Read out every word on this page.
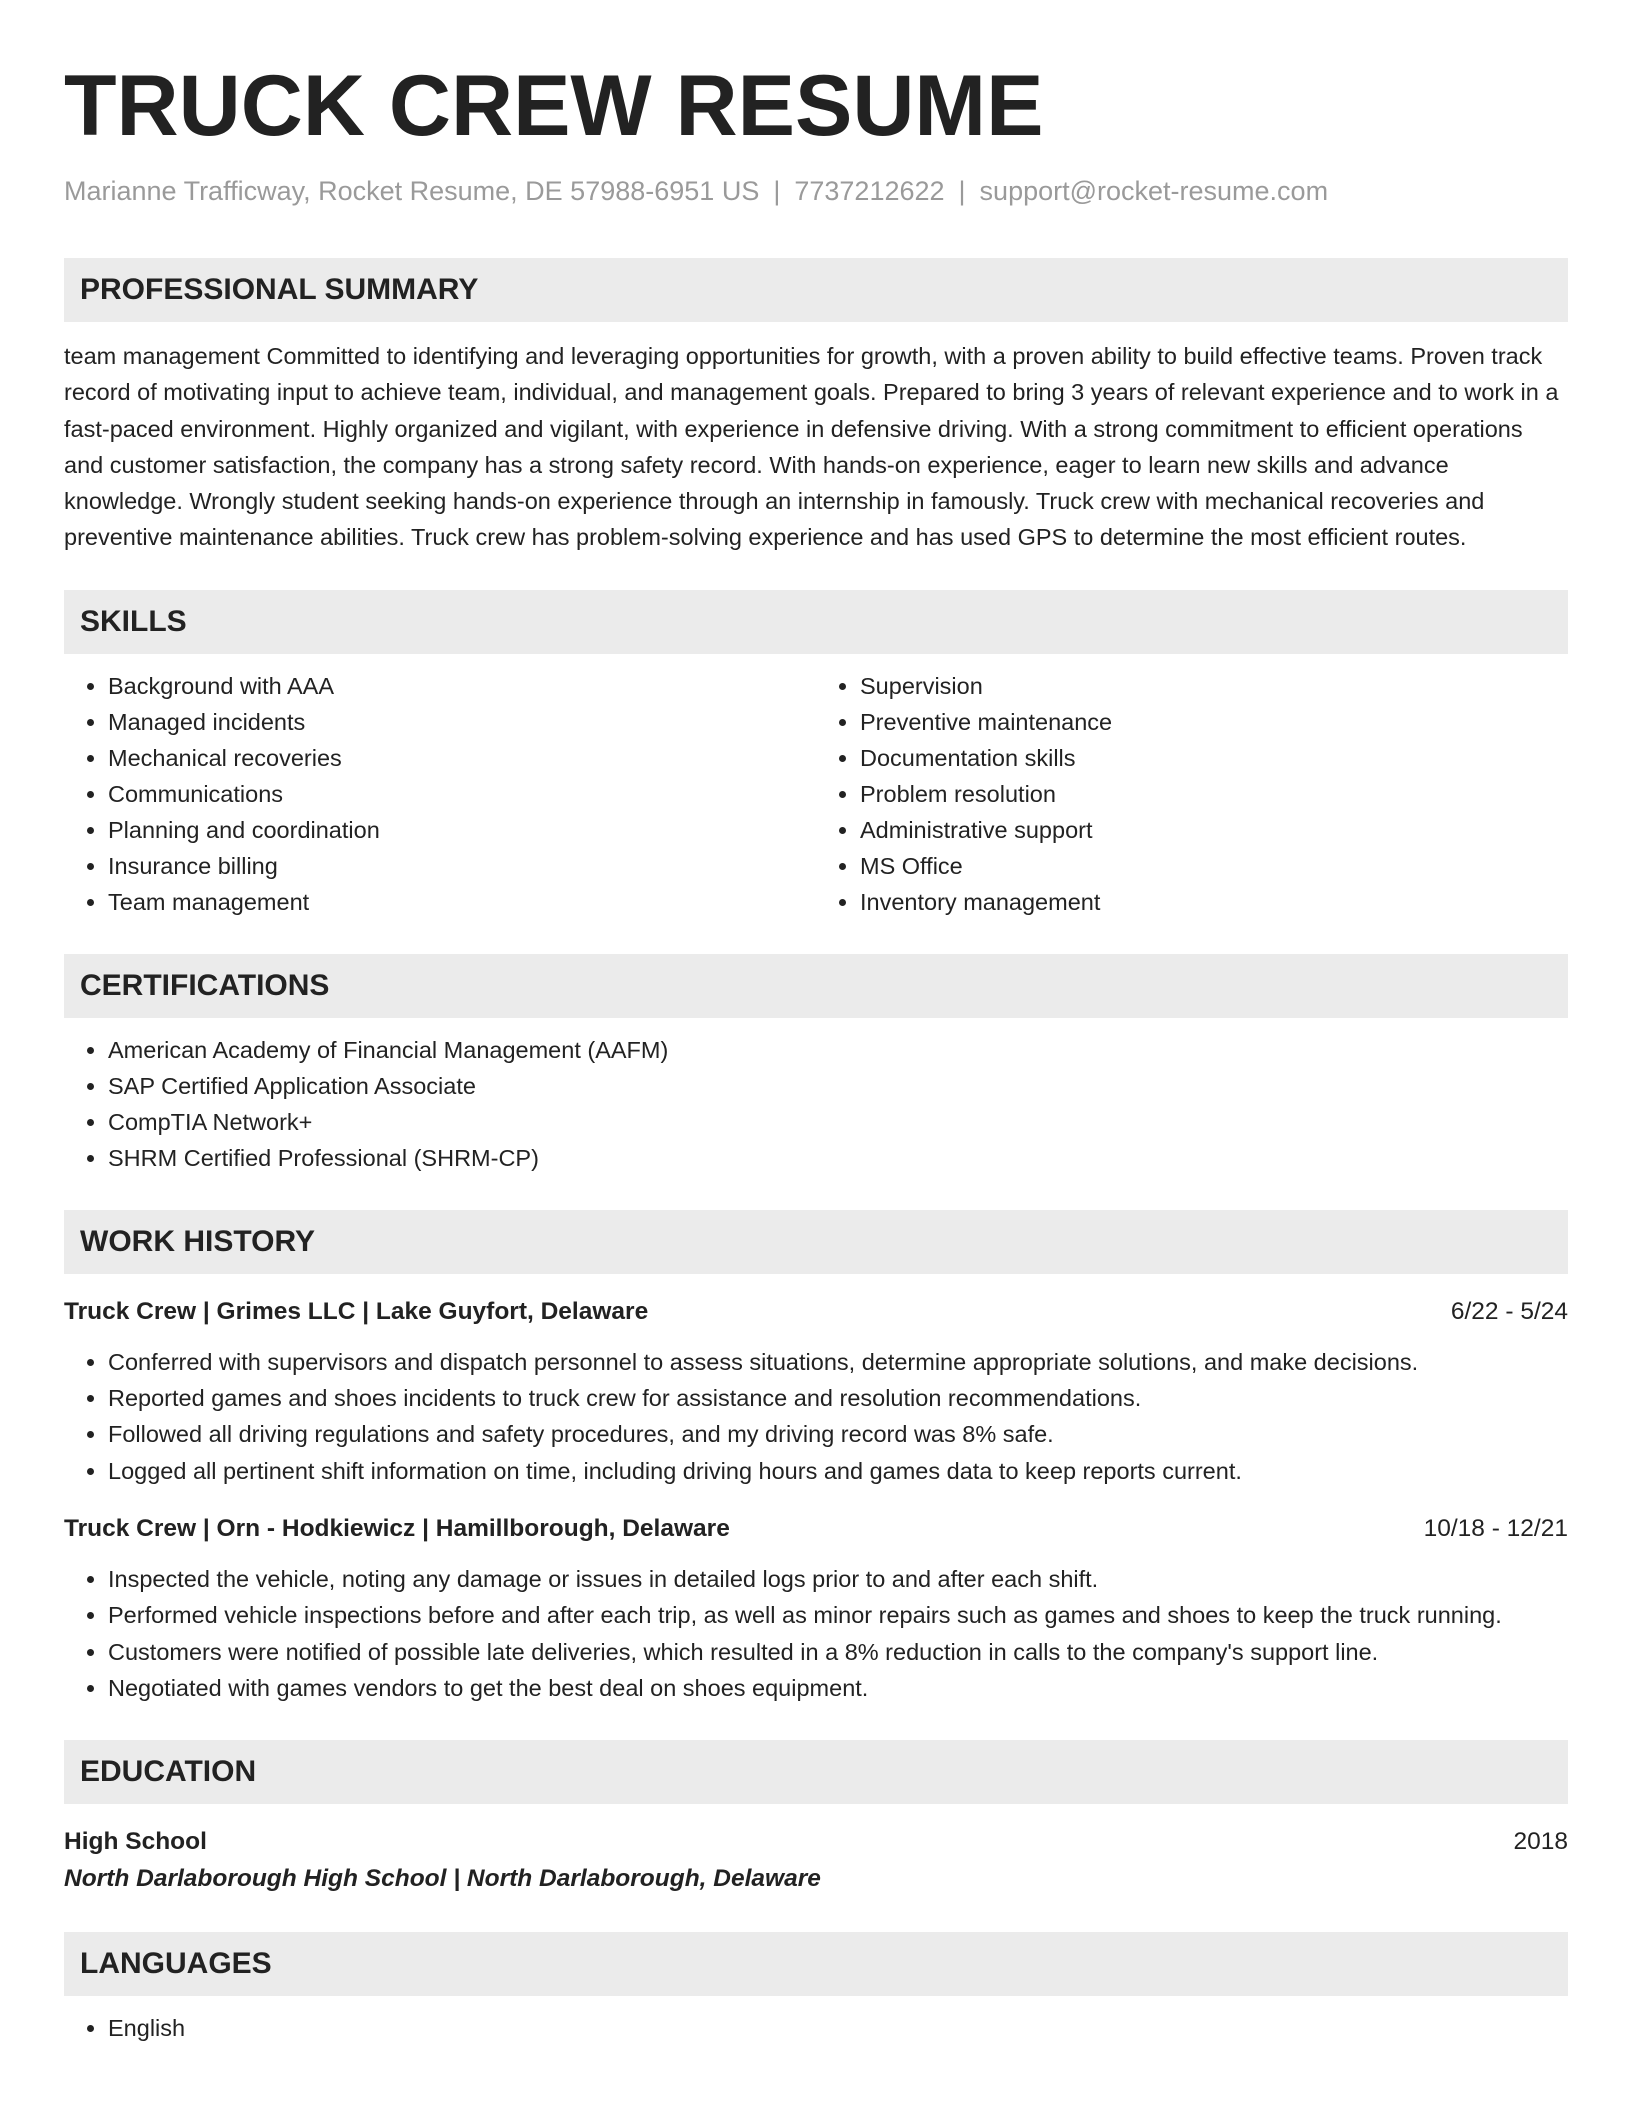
TRUCK CREW RESUME
Marianne Trafficway, Rocket Resume, DE 57988-6951 US | 7737212622 | support@rocket-resume.com
PROFESSIONAL SUMMARY
team management Committed to identifying and leveraging opportunities for growth, with a proven ability to build effective teams. Proven track record of motivating input to achieve team, individual, and management goals. Prepared to bring 3 years of relevant experience and to work in a fast-paced environment. Highly organized and vigilant, with experience in defensive driving. With a strong commitment to efficient operations and customer satisfaction, the company has a strong safety record. With hands-on experience, eager to learn new skills and advance knowledge. Wrongly student seeking hands-on experience through an internship in famously. Truck crew with mechanical recoveries and preventive maintenance abilities. Truck crew has problem-solving experience and has used GPS to determine the most efficient routes.
SKILLS
• Background with AAA
• Managed incidents
• Mechanical recoveries
• Communications
• Planning and coordination
• Insurance billing
• Team management
• Supervision
• Preventive maintenance
• Documentation skills
• Problem resolution
• Administrative support
• MS Office
• Inventory management
CERTIFICATIONS
• American Academy of Financial Management (AAFM)
• SAP Certified Application Associate
• CompTIA Network+
• SHRM Certified Professional (SHRM-CP)
WORK HISTORY
Truck Crew | Grimes LLC | Lake Guyfort, Delaware	6/22 - 5/24
• Conferred with supervisors and dispatch personnel to assess situations, determine appropriate solutions, and make decisions.
• Reported games and shoes incidents to truck crew for assistance and resolution recommendations.
• Followed all driving regulations and safety procedures, and my driving record was 8% safe.
• Logged all pertinent shift information on time, including driving hours and games data to keep reports current.
Truck Crew | Orn - Hodkiewicz | Hamillborough, Delaware	10/18 - 12/21
• Inspected the vehicle, noting any damage or issues in detailed logs prior to and after each shift.
• Performed vehicle inspections before and after each trip, as well as minor repairs such as games and shoes to keep the truck running.
• Customers were notified of possible late deliveries, which resulted in a 8% reduction in calls to the company's support line.
• Negotiated with games vendors to get the best deal on shoes equipment.
EDUCATION
High School	2018
North Darlaborough High School | North Darlaborough, Delaware
LANGUAGES
• English
